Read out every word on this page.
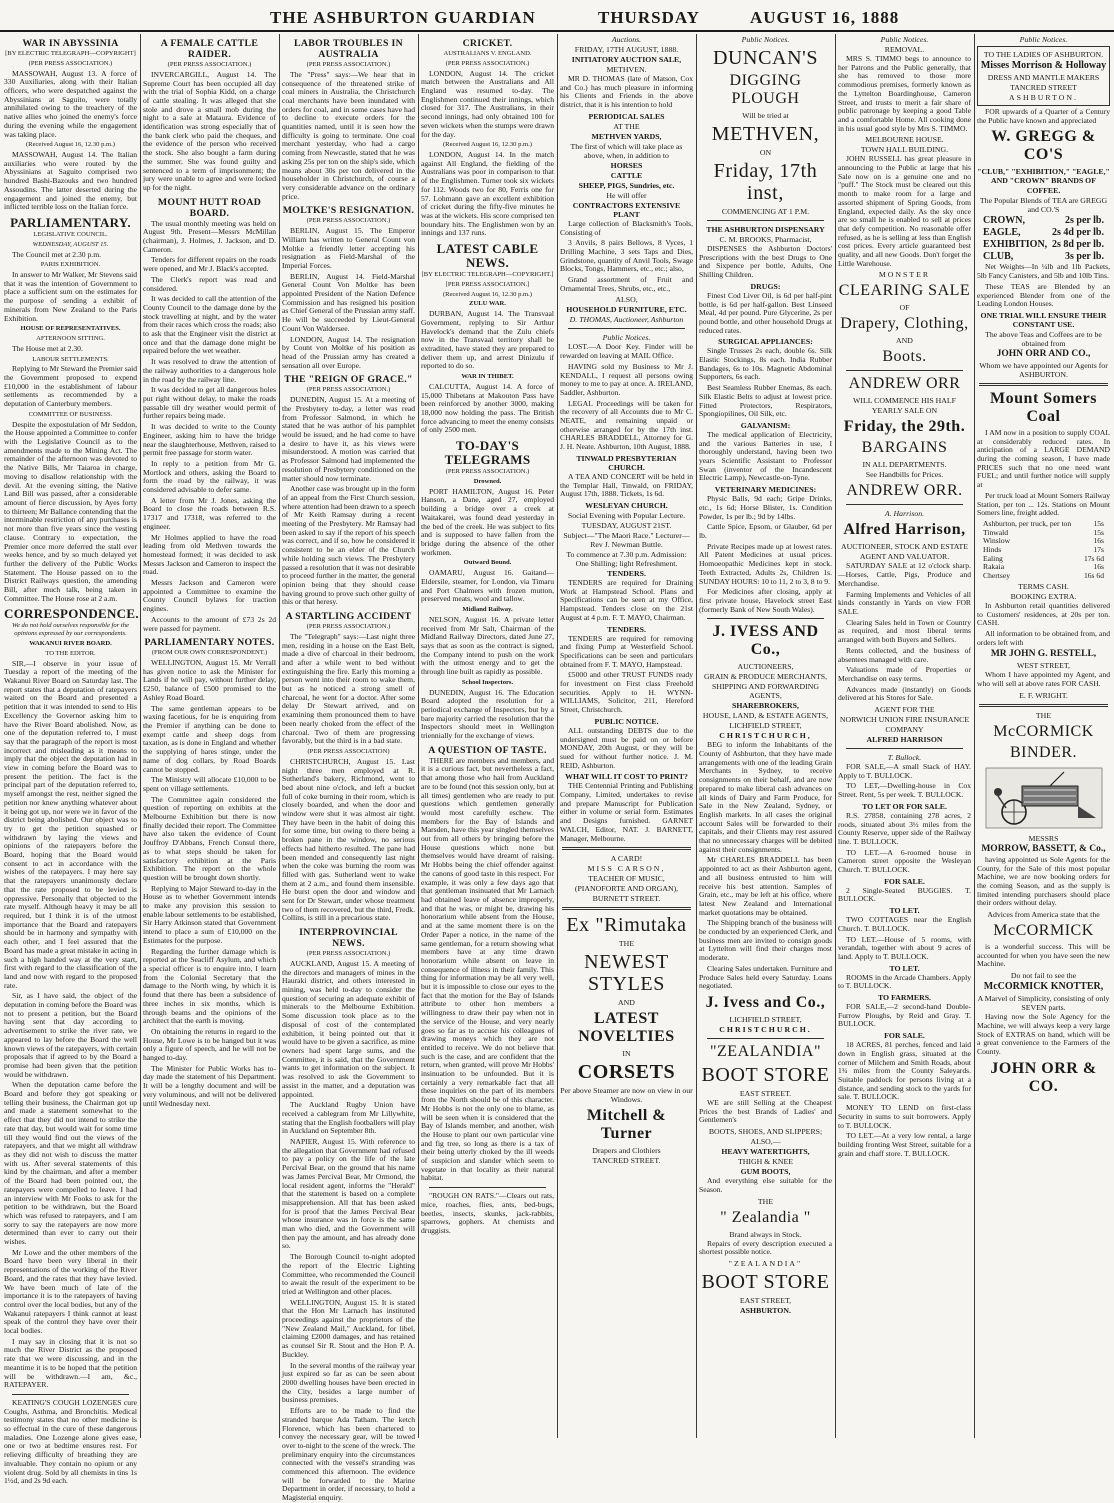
THE ASHBURTON GUARDIAN	THURSDAY	AUGUST 16, 1888
WAR IN ABYSSINIA
[BY ELECTRIC TELEGRAPH—COPYRIGHT]
(PER PRESS ASSOCIATION.)

MASSOWAH, August 13. A force of 330 Auxiliaries, along with their Italian officers, who were despatched against the Abyssinians at Saguito, were totally annihilated owing to the treachery of the native allies who joined the enemy's force during the evening while the engagement was taking place.

(Received August 16, 12.30 p.m.)

MASSOWAH, August 14. The Italian auxiliaries who were routed by the Abyssinians at Saguito comprised two hundred Bashi-Bazouks and two hundred Assoudins. The latter deserted during the engagement and joined the enemy, but inflicted terrible loss on the Italian force.

PARLIAMENTARY.
LEGISLATIVE COUNCIL.
WEDNESDAY, AUGUST 15.

The Council met at 2.30 p.m.

PARIS EXHIBITION.

In answer to Mr Walker, Mr Stevens said that it was the intention of Government to place a sufficient sum on the estimates for the purpose of sending a exhibit of minerals from New Zealand to the Paris Exhibition.

HOUSE OF REPRESENTATIVES.
AFTERNOON SITTING.

The House met at 2.30.

LABOUR SETTLEMENTS.

Replying to Mr Steward the Premier said the Government proposed to expend £10,000 in the establishment of labour settlements as recommended by a deputation of Canterbury members.

COMMITTEE OF BUSINESS.

Despite the expostulation of Mr Seddon, the House appointed a Committee to confer with the Legislative Council as to the amendments made to the Mining Act. The remainder of the afternoon was devoted to the Native Bills, Mr Taiaroa in charge, moving to disallow relationship with the devil. At the evening sitting, the Native Land Bill was passed, after a considerable amount of fierce discussion, by Ayes forty to thirteen; Mr Ballance contending that the interminable restriction of any purchases is not more than five years since the vesting clause. Contrary to expectation, the Premier once more deferred the stall ever weeks hence, and by so much delayed yet further the delivery of the Public Works Statement. The House passed on to the District Railways question, the amending Bill, after much talk, being taken in Committee. The House rose at 2 a.m.

CORRESPONDENCE.
We do not hold ourselves responsible for the opinions expressed by our correspondents.
WAKANUI RIVER BOARD.
TO THE EDITOR.

SIR,—I observe in your issue of Tuesday a report of the meeting of the Wakanui River Board on Saturday last. The report states that a deputation of ratepayers waited on the Board and presented a petition that it was intended to send to His Excellency the Governor asking him to have the River Board abolished. Now, as one of the deputation referred to, I must say that the paragraph of the report is most incorrect and misleading as it means to imply that the object the deputation had in view in coming before the Board was to present the petition. The fact is the principal part of the deputation referred to, myself amongst the rest, neither signed the petition nor knew anything whatever about it being got up, nor were we in favor of the district being abolished. Our object was to try to get the petition squashed or withdrawn by laying the views and opinions of the ratepayers before the Board, hoping that the Board would consent to act in accordance with the wishes of the ratepayers. I may here say that the ratepayers unanimously declare that the rate proposed to be levied is oppressive. Personally that objected to the rate myself. Although heavy it may be all required, but I think it is of the utmost importance that the Board and ratepayers should be in harmony and sympathy with each other, and I feel assured that the Board has made a great mistake in acting in such a high handed way at the very start, first with regard to the classification of the land and now with regard to the proposed rate.

Sir, as I have said, the object of the deputation in coming before the Board was not to present a petition, but the Board having sent that day according to advertisement to strike the river rate, we appeared to lay before the Board the well known views of the ratepayers, with certain proposals that if agreed to by the Board a promise had been given that the petition would be withdrawn.

When the deputation came before the Board and before they got speaking or telling their business, the Chairman got up and made a statement somewhat to the effect that they did not intend to strike the rate that day, but would wait for some time till they would find out the views of the ratepayers, and that we might all withdraw as they did not wish to discuss the matter with us. After several statements of this kind by the chairman, and after a member of the Board had been pointed out, the ratepayers were compelled to leave. I had an interview with Mr Fooks to ask for the petition to be withdrawn, but the Board which was refused to ratepayers, and I am sorry to say the ratepayers are now more determined than ever to carry out their wishes.

Mr Lowe and the other members of the Board have been very liberal in their representations of the working of the River Board, and the rates that they have levied. We have been much of late of the importance it is to the ratepayers of having control over the local bodies, but any of the Wakanui ratepayers I think cannot at least speak of the control they have over their local bodies.

I may say in closing that it is not so much the River District as the proposed rate that we were discussing, and in the meantime it is to be hoped that the petition will be withdrawn.—I am, &c., RATEPAYER.

KEATING'S COUGH LOZENGES cure Coughs, Asthma, and Bronchitis. Medical testimony states that no other medicine is so effectual in the cure of these dangerous maladies. One Lozenge alone gives ease, one or two at bedtime ensures rest. For relieving difficulty of breathing they are invaluable. They contain no opium or any violent drug. Sold by all chemists in tins 1s 1½d, and 2s 9d each.

A FEMALE CATTLE RAIDER.
(PER PRESS ASSOCIATION.)

INVERCARGILL, August 14. The Supreme Court has been occupied all day with the trial of Sophia Kidd, on a charge of cattle stealing. It was alleged that she stole and drove a small mob during the night to a sale at Mataura. Evidence of identification was strong especially that of the bank clerk who paid the cheques, and the evidence of the person who received the stock. She also bought a farm during the summer. She was found guilty and sentenced to a term of imprisonment; the jury were unable to agree and were locked up for the night.

MOUNT HUTT ROAD BOARD.

The usual monthly meeting was held on August 9th. Present—Messrs McMillan (chairman), J. Holmes, J. Jackson, and D. Cameron.

Tenders for different repairs on the roads were opened, and Mr J. Black's accepted.

The Clerk's report was read and considered.

It was decided to call the attention of the County Council to the damage done by the stock travelling at night, and by the water from their races which cross the roads; also to ask that the Engineer visit the district at once and that the damage done might be repaired before the wet weather.

It was resolved to draw the attention of the railway authorities to a dangerous hole in the road by the railway line.

It was decided to get all dangerous holes put right without delay, to make the roads passable till dry weather would permit of further repairs being made.

It was decided to write to the County Engineer, asking him to have the bridge near the slaughterhouse, Methven, raised to permit free passage for storm water.

In reply to a petition from Mr G. Mortlock and others, asking the Board to form the road by the railway, it was considered advisable to defer same.

A letter from Mr J. Jones, asking the Board to close the roads between R.S. 17317 and 17318, was referred to the engineer.

Mr Holmes applied to have the road leading from old Methven towards the homestead formed; it was decided to ask Messrs Jackson and Cameron to inspect the road.

Messrs Jackson and Cameron were appointed a Committee to examine the County Council bylaws for traction engines.

Accounts to the amount of £73 2s 2d were passed for payment.

PARLIAMENTARY NOTES.
(FROM OUR OWN CORRESPONDENT.)

WELLINGTON, August 15. Mr Verrall has given notice to ask the Minister for Lands if he will pay, without further delay, £250, balance of £500 promised to the Ashley Road Board.

The same gentleman appears to be waxing facetious, for he is enquiring from the Premier if anything can be done to exempt cattle and sheep dogs from taxation, as is done in England and whether the supplying of hares stinge, under the name of dog collars, by Road Boards cannot be stopped.

The Ministry will allocate £10,000 to be spent on village settlements.

The Committee again considered the question of reporting on exhibits at the Melbourne Exhibition but there is now finally decided their report. The Committee have also taken the evidence of Count Jouffroy D'Abbans, French Consul there, as to what steps should be taken for satisfactory exhibition at the Paris Exhibition. The report on the whole question will be brought down shortly.

Replying to Major Steward to-day in the House as to whether Government intends to make any provision this session to enable labour settlements to be established, Sir Harry Atkinson stated that Government intend to place a sum of £10,000 on the Estimates for the purpose.

Regarding the further damage which is reported at the Seacliff Asylum, and which a special officer is to enquire into, I learn from the Colonial Secretary that the damage to the North wing, by which it is found that there has been a subsidence of three inches in six months, which is through beams and the opinions of the architect that the earth is moving.

On obtaining the returns in regard to the House, Mr Lowe is to be hanged but it was only a figure of speech, and he will not be hanged to-day.

The Minister for Public Works has to-day made the statement of his Department. It will be a lengthy document and will be very voluminous, and will not be delivered until Wednesday next.

LABOR TROUBLES IN AUSTRALIA
(PER PRESS ASSOCIATION.)

The "Press" says:—We hear that in consequence of the threatened strike of coal miners in Australia, the Christchurch coal merchants have been inundated with orders for coal, and in some cases have had to decline to execute orders for the quantities named, until it is seen how the difficulty is going to terminate. One coal merchant yesterday, who had a cargo coming from Newcastle, stated that he was asking 25s per ton on the ship's side, which means about 30s per ton delivered in the householder in Christchurch, of course a very considerable advance on the ordinary price.

MOLTKE'S RESIGNATION.
(PER PRESS ASSOCIATION.)

BERLIN, August 15. The Emperor William has written to General Count von Moltke a friendly letter accepting his resignation as Field-Marshal of the Imperial Forces.

BERLIN, August 14. Field-Marshal General Count Von Moltke has been appointed President of the Nation Defence Commission and has resigned his position as Chief General of the Prussian army staff. He will be succeeded by Lieut-General Count Von Waldersee.

LONDON, August 14. The resignation by Count von Moltke of his position as head of the Prussian army has created a sensation all over Europe.

THE "REIGN OF GRACE."
(PER PRESS ASSOCIATION.)

DUNEDIN, August 15. At a meeting of the Presbytery to-day, a letter was read from Professor Salmond, in which he stated that he was author of his pamphlet would be issued, and he had come to have a desire to have it, as his views were misunderstood. A motion was carried that as Professor Salmond had implemented the resolution of Presbytery conditioned on the matter should now terminate.

Another case was brought up in the form of an appeal from the First Church session, where attention had been drawn to a speech of Mr Keith Ramsay during a recent meeting of the Presbytery. Mr Ramsay had been asked to say if the report of his speech was correct, and if so, how he considered it consistent to be an elder of the Church while holding such views. The Presbytery passed a resolution that it was not desirable to proceed further in the matter, the general opinion being that they should cease having ground to prove such other guilty of this or that heresy.

A STARTLING ACCIDENT
(PER PRESS ASSOCIATION.)

The "Telegraph" says:—Last night three men, residing in a house on the East Belt, made a dive of charcoal in their bedroom, and after a while went to bed without extinguishing the fire. Early this morning a person went into their room to wake them, but as he noticed a strong smell of charcoal, he went for a doctor. After some delay Dr Stewart arrived, and on examining them pronounced them to have been nearly choked from the effect of the charcoal. Two of them are progressing favorably, but the third is in a bad state.

(PER PRESS ASSOCIATION)

CHRISTCHURCH, August 15. Last night three men employed at R. Sutherland's bakery, Richmond, went to bed about nine o'clock, and left a bucket full of coke burning in their room, which is closely boarded, and when the door and window were shut it was almost air tight. They have been in the habit of doing this for some time, but owing to there being a broken pane in the window, no serious effects had hitherto resulted. The pane had been mended and consequently last night when the coke was burning the room was filled with gas. Sutherland went to wake them at 2 a.m., and found them insensible. He burst open the door and window and sent for Dr Stewart, under whose treatment two of them recovered, but the third, Fredk. Collins, is still in a precarious state.

INTERPROVINCIAL NEWS.
(PER PRESS ASSOCIATION.)

AUCKLAND, August 15. A meeting of the directors and managers of mines in the Hauraki district, and others interested in mining, was held to-day to consider the question of securing an adequate exhibit of minerals to the Melbourne Exhibition. Some discussion took place as to the disposal of cost of the contemplated exhibition, it being pointed out that it would have to be given a sacrifice, as mine owners had spent large sums, and the Committee, it is said, that the Government wants to get information on the subject. It was resolved to ask the Government to assist in the matter, and a deputation was appointed.

The Auckland Rugby Union have received a cablegram from Mr Lillywhite, stating that the English footballers will play in Auckland on September 8th.

NAPIER, August 15. With reference to the allegation that Government had refused to pay a policy on the life of the late Percival Bear, on the ground that his name was James Percival Bear, Mr Ormond, the local resident agent, informs the "Herald" that the statement is based on a complete misapprehension. All that has been asked for is proof that the James Percival Bear whose insurance was in force is the same man who died, and the Government will then pay the amount, and has already done so.

The Borough Council to-night adopted the report of the Electric Lighting Committee, who recommended the Council to await the result of the experiment to be tried at Wellington and other places.

WELLINGTON, August 15. It is stated that the Hon Mr Larnach has instituted proceedings against the proprietors of the "New Zealand Mail," Auckland, for libel, claiming £2000 damages, and has retained as counsel Sir R. Stout and the Hon P. A. Buckley.

In the several months of the railway year just expired so far as can be seen about 2000 dwelling houses have been erected in the City, besides a large number of business premises.

Efforts are to be made to find the stranded barque Ada Tatham. The ketch Florence, which has been chartered to convey the necessary gear, will be towed over to-night to the scene of the wreck. The preliminary enquiry into the circumstances connected with the vessel's stranding was commenced this afternoon. The evidence will be forwarded to the Marine Department in order, if necessary, to hold a Magisterial enquiry.

CRICKET.
AUSTRALIANS V. ENGLAND.
(PER PRESS ASSOCIATION.)

LONDON, August 14. The cricket match between the Australians and All England was resumed to-day. The Englishmen continued their innings, which closed for 317. The Australians, in their second innings, had only obtained 100 for seven wickets when the stumps were drawn for the day.

(Received August 16, 12.30 p.m.)

LONDON, August 14. In the match against All England, the fielding of the Australians was poor in comparison to that of the Englishmen. Turner took six wickets for 112. Woods two for 80, Ferris one for 57. Lohmann gave an excellent exhibition of cricket during the fifty-five minutes he was at the wickets. His score comprised ten boundary hits. The Englishmen won by an innings and 137 runs.

LATEST CABLE NEWS.
[BY ELECTRIC TELEGRAPH—COPYRIGHT.]
[PER PRESS ASSOCIATION.]
(Received August 16, 12.30 p.m.)
ZULU WAR.

DURBAN, August 14. The Transvaal Government, replying to Sir Arthur Havelock's demand that the Zulu chiefs now in the Transvaal territory shall be extradited, have stated they are prepared to deliver them up, and arrest Dinizulu if reported to do so.

WAR IN THIBET.

CALCUTTA, August 14. A force of 15,000 Thibetans at Makouton Pass have been reinforced by another 3000, making 18,000 now holding the pass. The British force advancing to meet the enemy consists of only 2500 men.

TO-DAY'S TELEGRAMS
(PER PRESS ASSOCIATION.)
Drowned.

PORT HAMILTON, August 16. Peter Hanson, a Dane, aged 27, employed building a bridge over a creek at Waitakarei, was found dead yesterday in the bed of the creek. He was subject to fits and is supposed to have fallen from the bridge during the absence of the other workmen.

Outward Bound.

OAMARU, August 16. Gaitand—Eldersile, steamer, for London, via Timaru and Port Chalmers with frozen mutton, preserved meats, wool and tallow.

Midland Railway.

NELSON, August 16. A private letter received from Mr Salt, Chairman of the Midland Railway Directors, dated June 27, says that as soon as the contract is signed, the Company intend to push on the work with the utmost energy and to get the through line built as rapidly as possible.

School Inspectors.

DUNEDIN, August 16. The Education Board adopted the resolution for a periodical exchange of Inspectors, but by a bare majority carried the resolution that the Inspectors should meet in Wellington triennially for the exchange of views.

A QUESTION OF TASTE.

THERE are members and members, and it is a curious fact, but nevertheless a fact, that among those who hail from Auckland are to be found (not this session only, but at all times) gentlemen who are ready to put questions which gentlemen generally would most carefully eschew. The members for the Bay of Islands and Marsden, have this year singled themselves out from all others by bringing before the House questions which none but themselves would have dreamt of raising. Mr Hobbs being the chief offender against the canons of good taste in this respect. For example, it was only a few days ago that that gentleman insinuated that Mr Larnach had obtained leave of absence improperly, and that he was, or might be, drawing his honorarium while absent from the House, and at the same moment there is on the Order Paper a notice, in the name of the same gentleman, for a return showing what members have at any time drawn honorarium while absent on leave in consequence of illness in their family. This thing for information may be all very well, but it is impossible to close our eyes to the fact that the motion for the Bay of Islands attribute to other hon members a willingness to draw their pay when not in the service of the House, and very nearly goes so far as to accuse his colleagues of drawing moneys which they are not entitled to receive. We do not believe that such is the case, and are confident that the return, when granted, will prove Mr Hobbs' insinuation to be unfounded. But it is certainly a very remarkable fact that all these inquiries on the part of its members from the North should be of this character. Mr Hobbs is not the only one to blame, as will be seen when it is considered that the Bay of Islands member, and another, wish the House to plant our own particular vine and fig tree, so long as there is a tax of their being utterly choked by the ill weeds of suspicion and slander which seem to vegetate in that locality as their natural habitat.

"ROUGH ON RATS."—Clears out rats, mice, roaches, flies, ants, bed-bugs, beetles, insects, skunks, jack-rabbits, sparrows, gophers. At chemists and druggists.

Auctions.
FRIDAY, 17TH AUGUST, 1888.
INITIATORY AUCTION SALE,
METHVEN.

MR D. THOMAS (late of Matson, Cox and Co.) has much pleasure in informing his Clients and Friends in the above district, that it is his intention to hold

PERIODICAL SALES
AT THE
METHVEN YARDS,
The first of which will take place as above, when, in addition to
HORSES
CATTLE
SHEEP, PIGS, Sundries, etc.
He will offer
CONTRACTORS EXTENSIVE PLANT

Large collection of Blacksmith's Tools, Consisting of

3 Anvils, 8 pairs Bellows, 8 Vyces, 1 Drilling Machine, 3 sets Taps and Dies, Grindstone, quantity of Anvil Tools, Swage Blocks, Tongs, Hammers, etc., etc.; also,

Grand assortment of Fruit and Ornamental Trees, Shrubs, etc., etc.,

ALSO,
HOUSEHOLD FURNITURE, ETC.
D. THOMAS, Auctioneer, Ashburton
Public Notices.

LOST.—A Door Key. Finder will be rewarded on leaving at MAIL Office.

HAVING sold my Business to Mr J. KENDALL, I request all persons owing money to me to pay at once. A. IRELAND, Saddler, Ashburton.

LEGAL Proceedings will be taken for the recovery of all Accounts due to Mr C. NEATE, and remaining unpaid or otherwise arranged for by the 17th inst. CHARLES BRADDELL, Attorney for G. J. H. Neate. Ashburton, 10th August, 1888.

TINWALD PRESBYTERIAN CHURCH.

A TEA AND CONCERT will be held in the Templar Hall, Tinwald, on FRIDAY, August 17th, 1888. Tickets, 1s 6d.

WESLEYAN CHURCH.
Social Evening with Popular Lecture.
TUESDAY, AUGUST 21ST.
Subject—"The Maori Race." Lecturer—Rev J. Newman Buttle.
To commence at 7.30 p.m. Admission: One Shilling; light Refreshment.
TENDERS.

TENDERS are required for Draining Work at Hampstead School. Plans and Specifications can be seen at my Office, Hampstead. Tenders close on the 21st August at 4 p.m. F. T. MAYO, Chairman.

TENDERS.

TENDERS are required for removing and fixing Pump at Westerfield School. Specifications can be seen and particulars obtained from F. T. MAYO, Hampstead.

£5000 and other TRUST FUNDS ready for investment on First class Freehold securities. Apply to H. WYNN-WILLIAMS, Solicitor, 211, Hereford Street, Christchurch.

PUBLIC NOTICE.

ALL outstanding DEBTS due to the undersigned must be paid on or before MONDAY, 20th August, or they will be sued for without further notice. J. M. REID, Ashburton.

WHAT WILL IT COST TO PRINT?

THE Centennial Printing and Publishing Company, Limited, undertakes to revise and prepare Manuscript for Publication either in volume or serial form. Estimates and Designs furnished. GARNET WALCH, Editor, NAT. J. BARNETT, Manager, Melbourne.

A CARD!
MISS CARSON,
TEACHER OF MUSIC,
(PIANOFORTE AND ORGAN),
BURNETT STREET.
Ex "Rimutaka
THE
NEWEST STYLES
AND
LATEST NOVELTIES
IN
CORSETS
Per above Steamer are now on view in our Windows.
Mitchell & Turner
Drapers and Clothiers
TANCRED STREET.
Public Notices.
DUNCAN'S
DIGGING PLOUGH
Will be tried at
METHVEN,
ON
Friday, 17th inst,
COMMENCING AT 1 P.M.
THE ASHBURTON DISPENSARY
C. M. BROOKS, Pharmacist,

DISPENSES the Ashburton Doctors' Prescriptions with the best Drugs to One and Sixpence per bottle, Adults, One Shilling Children.

DRUGS:

Finest Cod Liver Oil, is 6d per half-pint bottle, is 6d per half-gallon. Best Linseed Meal, 4d per pound. Pure Glycerine, 2s per pound bottle, and other household Drugs at reduced rates.

SURGICAL APPLIANCES:

Single Trusses 2s each, double 6s. Silk Elastic Stockings, 8s each. India Rubber Bandages, 6s to 10s. Magnetic Abdominal Supporters, 6s each.

Best Seamless Rubber Enemas, 8s each. Silk Elastic Belts to adjust at lowest price. Fitted Protectors, Respirators, Spongiopilines, Oil Silk, etc.

GALVANISM:

The medical application of Electricity, and the various Batteries in use, I thoroughly understand, having been two years Scientific Assistant to Professor Swan (inventor of the Incandescent Electric Lamp), Newcastle-on-Tyne.

VETERINARY MEDICINES:

Physic Balls, 9d each; Gripe Drinks, etc., 1s 6d; Horse Blister, 1s. Condition Powder, 1s per lb.; 9d by 14lbs.

Cattle Spice, Epsom, or Glauber, 6d per lb.

Private Recipes made up at lowest rates. All Patent Medicines at usual prices. Homoeopathic Medicines kept in stock. Teeth Extracted, Adults 2s, Children 1s. SUNDAY HOURS: 10 to 11, 2 to 3, 8 to 9.

For Medicines after closing, apply at first private house, Havelock street East (formerly Bank of New South Wales).

J. IVESS AND Co.,
AUCTIONEERS,
GRAIN & PRODUCE MERCHANTS,
SHIPPING AND FORWARDING AGENTS,
SHAREBROKERS,
HOUSE, LAND, & ESTATE AGENTS,
LICHFIELD STREET,
CHRISTCHURCH,

BEG to inform the Inhabitants of the County of Ashburton, that they have made arrangements with one of the leading Grain Merchants in Sydney, to receive consignments on their behalf, and are now prepared to make liberal cash advances on all kinds of Dairy and Farm Produce, for Sale in the New Zealand, Sydney, or English markets. In all cases the original account Sales will be forwarded to their capitals, and their Clients may rest assured that no unnecessary charges will be debited against their consignments.

Mr CHARLES BRADDELL has been appointed to act as their Ashburton agent, and all business entrusted to him will receive his best attention. Samples of Grain, etc., may be left at his office, where latest New Zealand and International market quotations may be obtained.

The Shipping branch of the business will be conducted by an experienced Clerk, and business men are invited to consign goods at Lyttelton will find their charges most moderate.

Clearing Sales undertaken. Furniture and Produce Sales held every Saturday. Loans negotiated.

J. Ivess and Co.,
LICHFIELD STREET,
CHRISTCHURCH.
"ZEALANDIA"
BOOT STORE
EAST STREET.

WE are still Selling at the Cheapest Prices the best Brands of Ladies' and Gentlemen's

BOOTS, SHOES, AND SLIPPERS;
ALSO,—
HEAVY WATERTIGHTS,
THIGH & KNEE
GUM BOOTS,

And everything else suitable for the Season.

THE
" Zealandia "
Brand always in Stock.

Repairs of every description executed a shortest possible notice.

"ZEALANDIA"
BOOT STORE
EAST STREET,
ASHBURTON.
Public Notices.
REMOVAL.

MRS S. TIMMO begs to announce to her Patrons and the Public generally, that she has removed to those more commodious premises, formerly known as the Lyttelton Boardinghouse, Cameron Street, and trusts to merit a fair share of public patronage by keeping a good Table and a comfortable Home. All cooking done in his usual good style by Mrs S. TIMMO.

MELBOURNE HOUSE.
TOWN HALL BUILDING.

JOHN RUSSELL has great pleasure in announcing to the Public at large that his Sale now on is a genuine one and no "puff." The Stock must be cleared out this month to make room for a large and assorted shipment of Spring Goods, from England, expected daily. As the sky once are so small he is enabled to sell at prices that defy competition. No reasonable offer refused, as he is selling at less than English cost prices. Every article guaranteed best quality, and all new Goods. Don't forget the Little Warehouse.

MONSTER
CLEARING SALE
OF
Drapery, Clothing,
AND
Boots.
ANDREW ORR
WILL COMMENCE HIS HALF
YEARLY SALE ON
Friday, the 29th.
BARGAINS
IN ALL DEPARTMENTS.
See Handbills for Prices.
ANDREW ORR.
A. Harrison.
Alfred Harrison,
AUCTIONEER, STOCK AND ESTATE
AGENT AND VALUATOR.

SATURDAY SALE at 12 o'clock sharp.—Horses, Cattle, Pigs, Produce and Merchandise.

Farming Implements and Vehicles of all kinds constantly in Yards on view FOR SALE.

Clearing Sales held in Town or Country as required, and most liberal terms arranged with both Buyers and Sellers.

Rents collected, and the business of absentees managed with care.

Valuations made of Properties or Merchandise on easy terms.

Advances made (instantly) on Goods delivered at his Stores for Sale.

AGENT FOR THE
NORWICH UNION FIRE INSURANCE
COMPANY
ALFRED HARRISON
T. Bullock.

FOR SALE,—A small Stack of HAY. Apply to T. BULLOCK.

TO LET,—Dwelling-house in Cox Street. Rent, 5s per week. T. BULLOCK.

TO LET OR FOR SALE.

R.S. 27858, containing 278 acres, 2 roods, situated about 3½ miles from the County Reserve, upper side of the Railway line. T. BULLOCK.

TO LET.—A 6-roomed house in Cameron street opposite the Wesleyan Church. T. BULLOCK.

FOR SALE.

2 Single-Seated BUGGIES. T. BULLOCK.

TO LET.

TWO COTTAGES near the English Church. T. BULLOCK.

TO LET.—House of 5 rooms, with verandah, together with about 9 acres of land. Apply to T. BULLOCK.

TO LET.

ROOMS in the Arcade Chambers. Apply to T. BULLOCK.

TO FARMERS.

FOR SALE,—2 second-hand Double-Furrow Ploughs, by Reid and Gray. T. BULLOCK.

FOR SALE.

18 ACRES, 81 perches, fenced and laid down in English grass, situated at the corner of Milchem and Smith Roads, about 1¾ miles from the County Saleyards. Suitable paddock for persons living at a distance, and sending stock to the yards for sale. T. BULLOCK.

MONEY TO LEND on first-class Security in sums to suit borrowers. Apply to T. BULLOCK.

TO LET.—At a very low rental, a large building fronting West Street, suitable for a grain and chaff store. T. BULLOCK.

Public Notices.
TO THE LADIES OF ASHBURTON.
Misses Morrison & Holloway
DRESS AND MANTLE MAKERS
TANCRED STREET
ASHBURTON.

FOR upwards of a Quarter of a Century the Public have known and appreciated

W. GREGG & CO'S
"CLUB," "EXHIBITION," "EAGLE," AND "CROWN" BRANDS OF
COFFEE.
The Popular Blends of TEA are GREGG and CO.'S
CROWN,	2s per lb.
EAGLE,	2s 4d per lb.
EXHIBITION, 2s 8d per lb.
CLUB,	3s per lb.

Net Weights—In ¼lb and 1lb Packets, 5lb Fancy Canisters, and 5lb and 10lb Tins.

These TEAS are Blended by an experienced Blender from one of the Leading London Houses.

ONE TRIAL WILL ENSURE THEIR CONSTANT USE.
The above Teas and Coffees are to be obtained from
JOHN ORR AND CO.,
Whom we have appointed our Agents for ASHBURTON.
Mount Somers Coal

I AM now in a position to supply COAL at considerably reduced rates. In anticipation of a LARGE DEMAND during the coming season, I have made PRICES such that no one need want FUEL; and until further notice will supply at

Per truck load at Mount Somers Railway Station, per ton ... 12s. Stations on Mount Somers line, freight added.

Ashburton, per truck, per ton	15s
Tinwald	15s
Winslow	16s
Hinds	17s
Ealing	17s 6d
Rakaia	16s
Chertsey	16s 6d
TERMS CASH.
BOOKING EXTRA.

In Ashburton retail quantities delivered to Customers' residences, at 20s per ton. CASH.

All information to be obtained from, and orders left with

MR JOHN G. RESTELL,
WEST STREET,

Whom I have appointed my Agent, and who will sell at above rates FOR CASH.

E. F. WRIGHT.
THE
McCORMICK
BINDER.
MESSRS
MORROW, BASSETT, & Co.,

having appointed us Sole Agents for the County, for the Sale of this most popular Machine, we are now booking orders for the coming Season, and as the supply is limited intending purchasers should place their orders without delay.

Advices from America state that the
McCORMICK

is a wonderful success. This will be accounted for when you have seen the new Machine.

Do not fail to see the
McCORMICK KNOTTER,
A Marvel of Simplicity, consisting of only SEVEN parts.

Having now the Sole Agency for the Machine, we will always keep a very large Stock of EXTRAS on hand, which will be a great convenience to the Farmers of the County.

JOHN ORR & CO.
